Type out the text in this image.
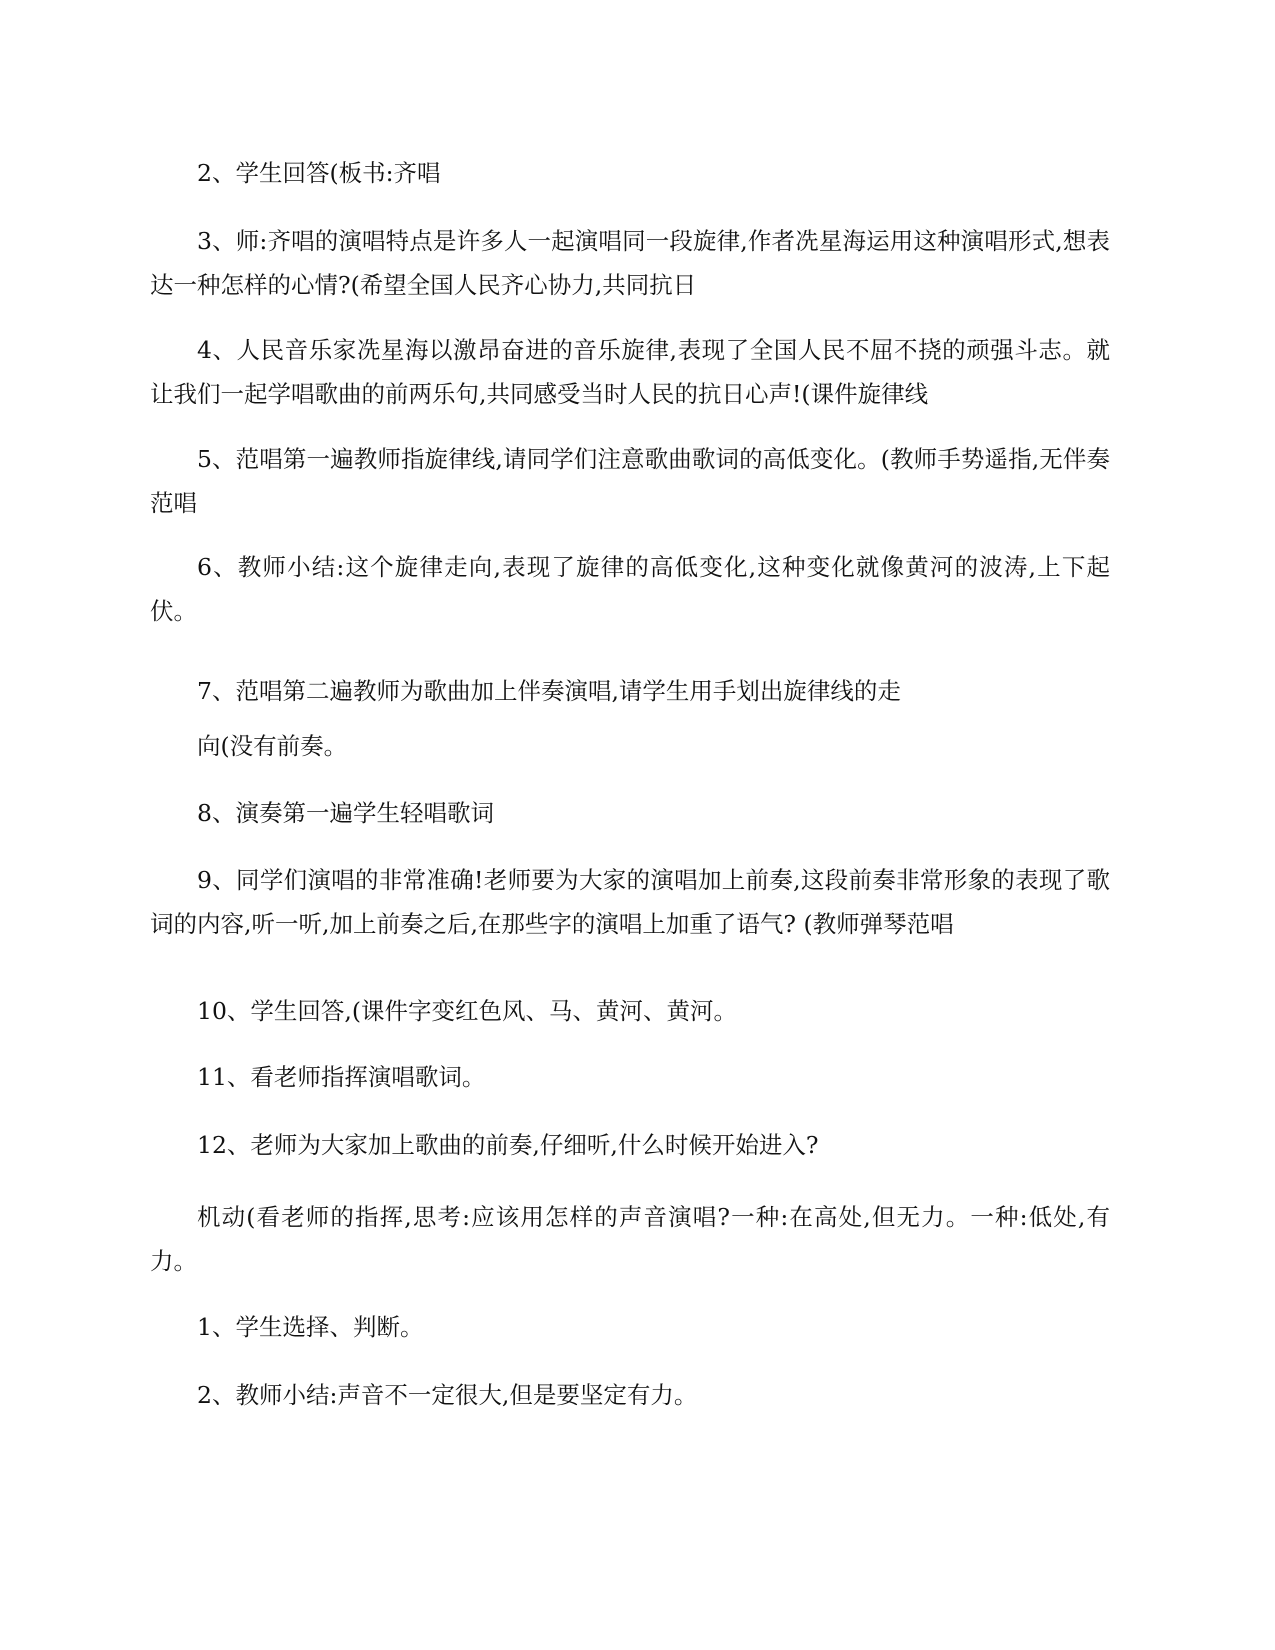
2、学生回答(板书:齐唱

3、师:齐唱的演唱特点是许多人一起演唱同一段旋律,作者冼星海运用这种演唱形式,想表达一种怎样的心情?(希望全国人民齐心协力,共同抗日

4、人民音乐家冼星海以激昂奋进的音乐旋律,表现了全国人民不屈不挠的顽强斗志。就让我们一起学唱歌曲的前两乐句,共同感受当时人民的抗日心声!(课件旋律线

5、范唱第一遍教师指旋律线,请同学们注意歌曲歌词的高低变化。(教师手势遥指,无伴奏范唱

6、教师小结:这个旋律走向,表现了旋律的高低变化,这种变化就像黄河的波涛,上下起伏。

7、范唱第二遍教师为歌曲加上伴奏演唱,请学生用手划出旋律线的走

向(没有前奏。

8、演奏第一遍学生轻唱歌词

9、同学们演唱的非常准确!老师要为大家的演唱加上前奏,这段前奏非常形象的表现了歌词的内容,听一听,加上前奏之后,在那些字的演唱上加重了语气? (教师弹琴范唱

10、学生回答,(课件字变红色风、马、黄河、黄河。

11、看老师指挥演唱歌词。

12、老师为大家加上歌曲的前奏,仔细听,什么时候开始进入?

机动(看老师的指挥,思考:应该用怎样的声音演唱?一种:在高处,但无力。一种:低处,有力。

1、学生选择、判断。

2、教师小结:声音不一定很大,但是要坚定有力。
